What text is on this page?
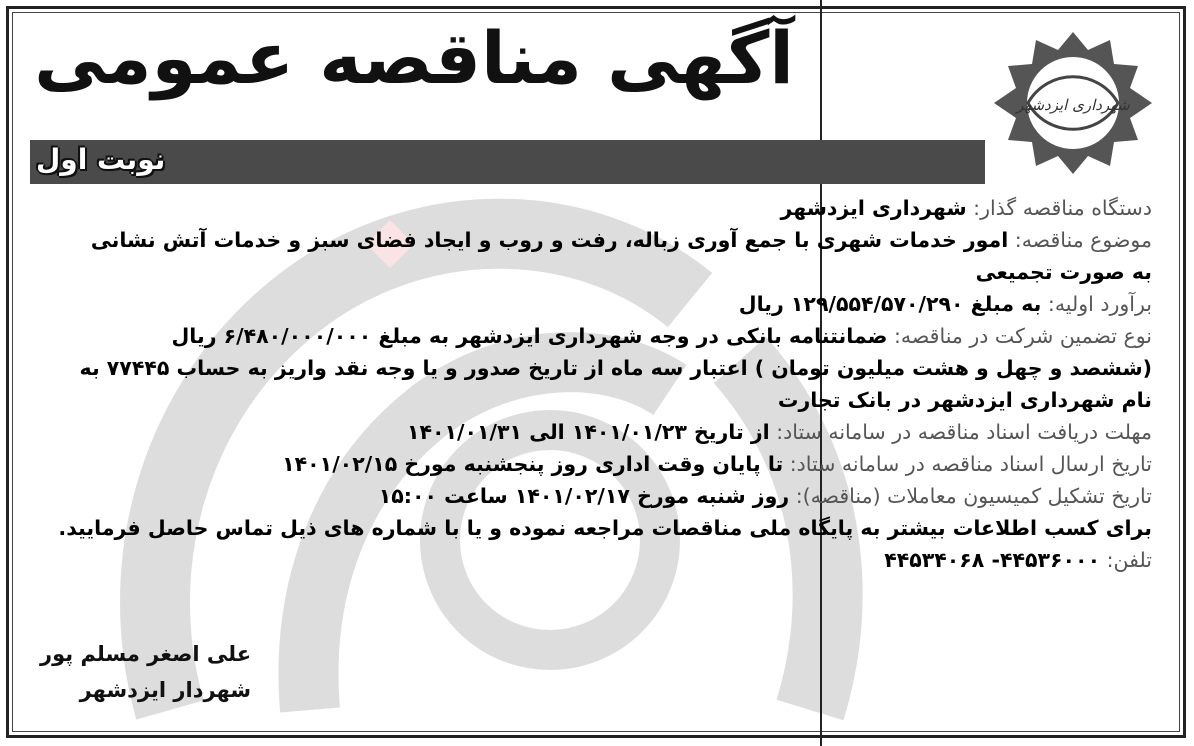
شهرداری ایزدشهر
آگهی مناقصه عمومی
نوبت اول

دستگاه مناقصه گذار: شهرداری ایزدشهر

موضوع مناقصه: امور خدمات شهری با جمع آوری زباله، رفت و روب و ایجاد فضای سبز و خدمات آتش نشانی

به صورت تجمیعی

برآورد اولیه: به مبلغ ۱۲۹/۵۵۴/۵۷۰/۲۹۰ ریال

نوع تضمین شرکت در مناقصه: ضمانتنامه بانکی در وجه شهرداری ایزدشهر به مبلغ ۶/۴۸۰/۰۰۰/۰۰۰ ریال

(ششصد و چهل و هشت میلیون تومان ) اعتبار سه ماه از تاریخ صدور و یا وجه نقد واریز به حساب ۷۷۴۴۵ به

نام شهرداری ایزدشهر در بانک تجارت

مهلت دریافت اسناد مناقصه در سامانه ستاد: از تاریخ ۱۴۰۱/۰۱/۲۳ الی ۱۴۰۱/۰۱/۳۱

تاریخ ارسال اسناد مناقصه در سامانه ستاد: تا پایان وقت اداری روز پنجشنبه مورخ ۱۴۰۱/۰۲/۱۵

تاریخ تشکیل کمیسیون معاملات (مناقصه): روز شنبه مورخ ۱۴۰۱/۰۲/۱۷ ساعت ۱۵:۰۰

برای کسب اطلاعات بیشتر به پایگاه ملی مناقصات مراجعه نموده و یا با شماره های ذیل تماس حاصل فرمایید.

تلفن: ۴۴۵۳۶۰۰۰- ۴۴۵۳۴۰۶۸

علی اصغر مسلم پور
شهردار ایزدشهر
